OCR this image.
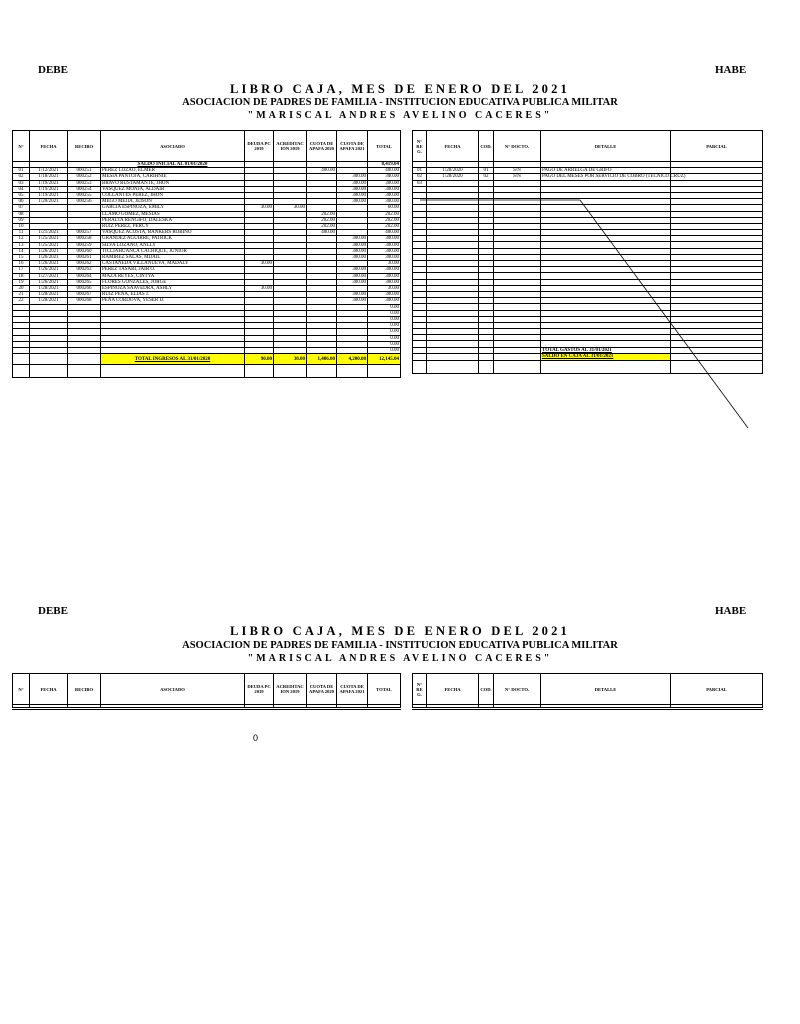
DEBE	HABE
LIBRO CAJA, MES DE ENERO DEL 2021
ASOCIACION DE PADRES DE FAMILIA - INSTITUCION EDUCATIVA PUBLICA MILITAR
"MARISCAL ANDRES AVELINO CACERES"
N°	FECHA	RECIBO	ASOCIADO	DEUDA PC 2019	ACREDITAC ION 2019	CUOTA DE APAFA 2020	CUOTA DE APAFA 2021	TOTAL
			SALDO INICIAL AL 01/01/2020					8,419.04
01	1/12/2021	000251	PEREZ LOZAO, ELMER			400.00		400.00
02	1/18/2021	000252	MESIA PANTOJA, CARIHNIE				300.00	300.00
03	1/19/2021	000253	BRAVO BUSTAMANTE, JHON				300.00	300.00
04	1/19/2021	000254	VASQUEZ MONJA, ALDAIR				300.00	300.00
05	1/19/2021	000255	COLLANTES PEREZ, JHON				300.00	300.00
06	1/20/2021	000256	MEGO MEJIA, JEISON				300.00	300.00
07			GARCIA ESPINOZA, EMILY	30.00	30.00			60.00
08			LLAMO GOMEZ, MESIAS			202.00		202.00
09			PERALTA RENGIFO, DALESKA			202.00		202.00
10			RUIZ PEREZ, PERCY			202.00		202.00
11	1/21/2021	000257	VASQUEZ ACOSTA, BANKERS ROBINO			400.00		400.00
12	1/25/2021	000258	GRANDEZ AGUIRRE, PATRICK				300.00	300.00
13	1/25/2021	000259	SILVA LOZANO, ANLLY				300.00	300.00
14	1/26/2021	000260	TICLIAHUANCA CACHIQUE, JUNIOR				300.00	300.00
15	1/26/2021	000261	RAMIREZ SALAS, MIJAIL				300.00	300.00
16	1/26/2021	000262	CASTAÑEDA VILLANUEVA, MADALY	30.00				30.00
17	1/26/2021	000263	PEREZ TASABI, JAIR O.				300.00	300.00
18	1/27/2021	000264	MAZA REYES, CINTYA				300.00	300.00
19	1/26/2021	000265	FLORES GONZALES, JORGE				300.00	300.00
20	1/28/2021	000266	ESPINOZA SAAVEDRA, ASHLY	30.00				30.00
21	1/28/2021	000267	RUIZ PEÑA, ELIAS J.				300.00	300.00
22	1/28/2021	000268	PEÑA CORDOVA, YESER D.				300.00	300.00
								0.00
								0.00
								0.00
								0.00
								0.00
								0.00
								0.00
								0.00
			TOTAL INGRESOS AL 31/01/2020	90.00	30.00	1,406.00	4,200.00	12,145.04

N° RE G.	FECHA	COD.	N° DOCTO.	DETALLE	PARCIAL

01	1/28/2020	01	S/N	PAGO DE ARRELGA DE GRIFO	
02	1/28/2020	02	S/N	PAGO DEL MESES POR SERVICIO DE COBRO (TECNICO CRUZ)	
03					

				TOTAL GASTOS AL 31/01/2021	
				SALDO EN CAJA AL 31/01/2021	

DEBE	HABE
LIBRO CAJA, MES DE ENERO DEL 2021
ASOCIACION DE PADRES DE FAMILIA - INSTITUCION EDUCATIVA PUBLICA MILITAR
"MARISCAL ANDRES AVELINO CACERES"
N°	FECHA	RECIBO	ASOCIADO	DEUDA PC 2019	ACREDITAC ION 2019	CUOTA DE APAFA 2020	CUOTA DE APAFA 2021	TOTAL

N° RE G.	FECHA	COD.	N° DOCTO.	DETALLE	PARCIAL

0
